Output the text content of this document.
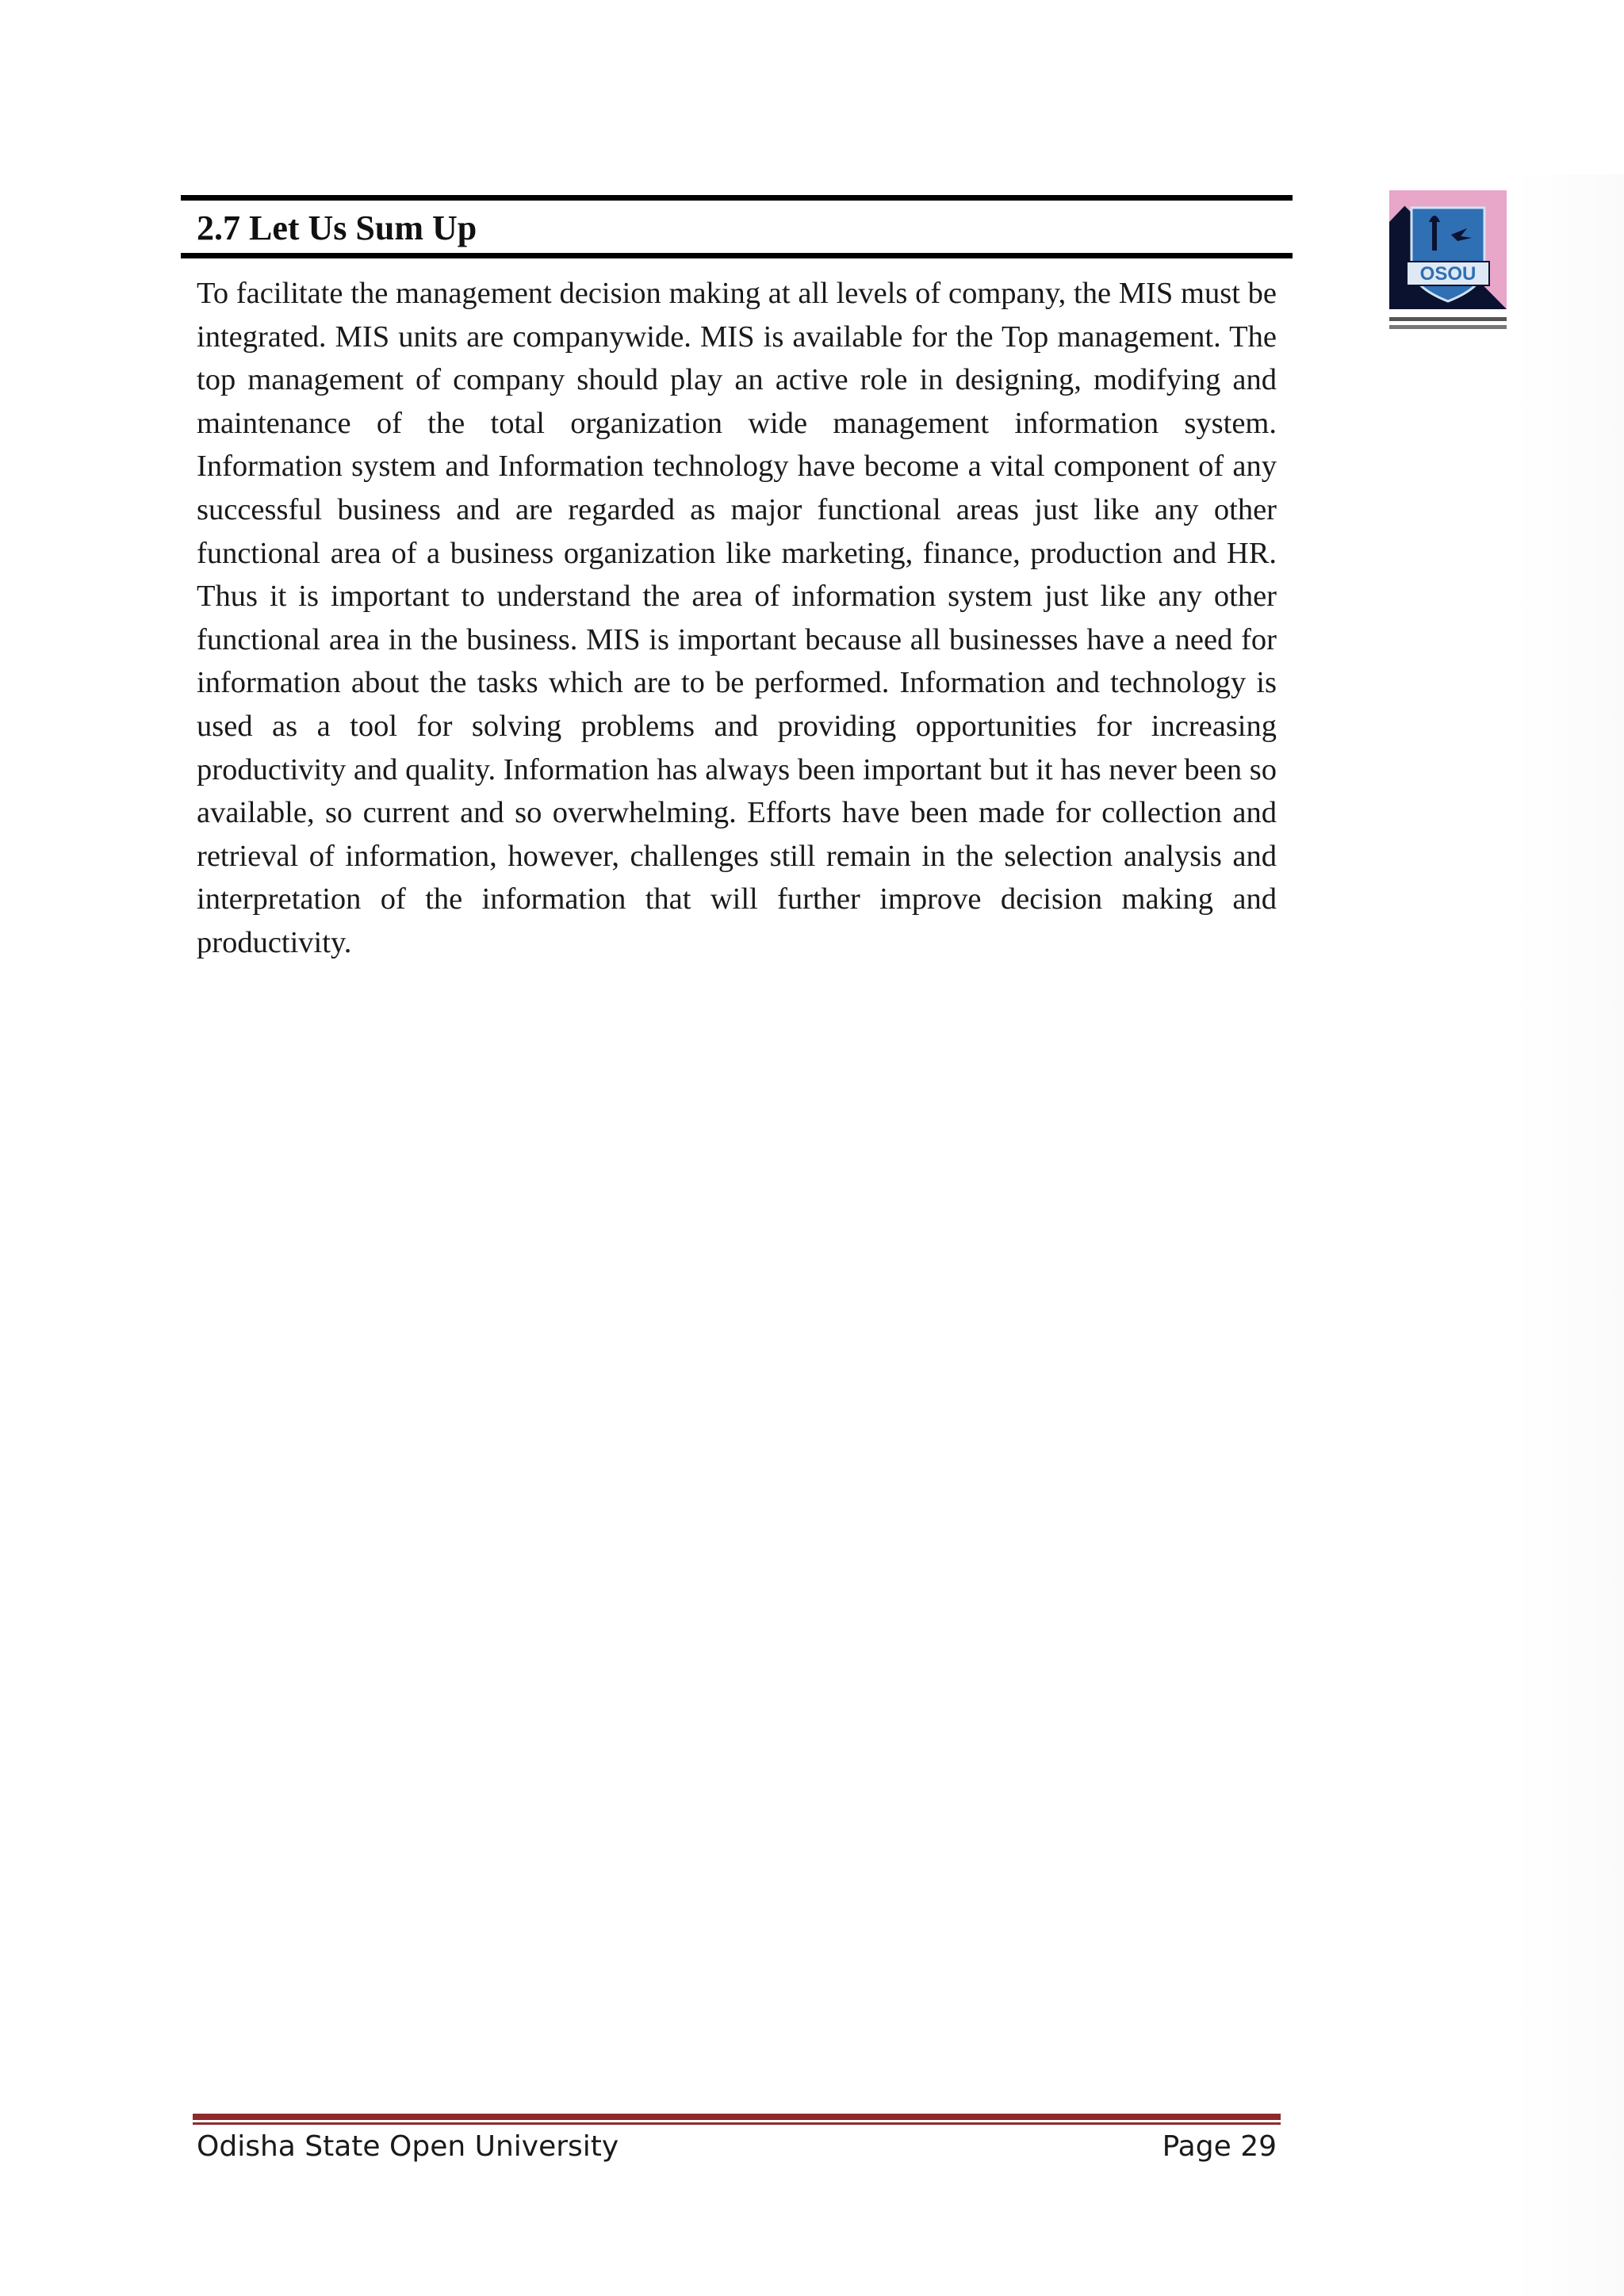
2.7 Let Us Sum Up

To facilitate the management decision making at all levels of company, the MIS must be integrated. MIS units are companywide. MIS is available for the Top management. The top management of company should play an active role in designing, modifying and maintenance of the total organization wide management information system. Information system and Information technology have become a vital component of any successful business and are regarded as major functional areas just like any other functional area of a business organization like marketing, finance, production and HR. Thus it is important to understand the area of information system just like any other functional area in the business. MIS is important because all businesses have a need for information about the tasks which are to be performed. Information and technology is used as a tool for solving problems and providing opportunities for increasing productivity and quality. Information has always been important but it has never been so available, so current and so overwhelming. Efforts have been made for collection and retrieval of information, however, challenges still remain in the selection analysis and interpretation of the information that will further improve decision making and productivity.

OSOU
Odisha State Open University	Page 29
